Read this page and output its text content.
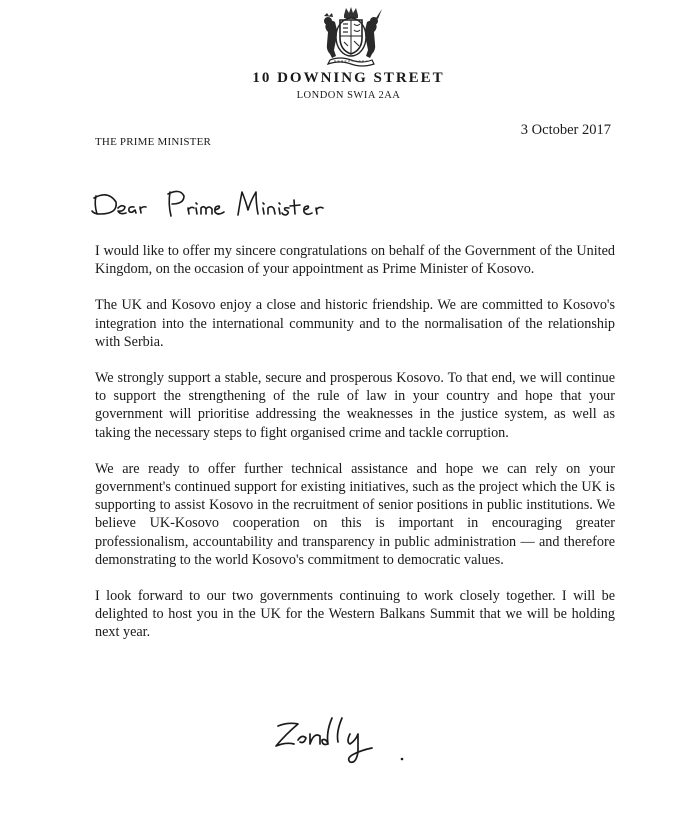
10 DOWNING STREET
LONDON SWIA 2AA
3 October 2017
THE PRIME MINISTER

I would like to offer my sincere congratulations on behalf of the Government of the United Kingdom, on the occasion of your appointment as Prime Minister of Kosovo.

The UK and Kosovo enjoy a close and historic friendship. We are committed to Kosovo's integration into the international community and to the normalisation of the relationship with Serbia.

We strongly support a stable, secure and prosperous Kosovo. To that end, we will continue to support the strengthening of the rule of law in your country and hope that your government will prioritise addressing the weaknesses in the justice system, as well as taking the necessary steps to fight organised crime and tackle corruption.

We are ready to offer further technical assistance and hope we can rely on your government's continued support for existing initiatives, such as the project which the UK is supporting to assist Kosovo in the recruitment of senior positions in public institutions. We believe UK-Kosovo cooperation on this is important in encouraging greater professionalism, accountability and transparency in public administration — and therefore demonstrating to the world Kosovo's commitment to democratic values.

I look forward to our two governments continuing to work closely together. I will be delighted to host you in the UK for the Western Balkans Summit that we will be holding next year.
